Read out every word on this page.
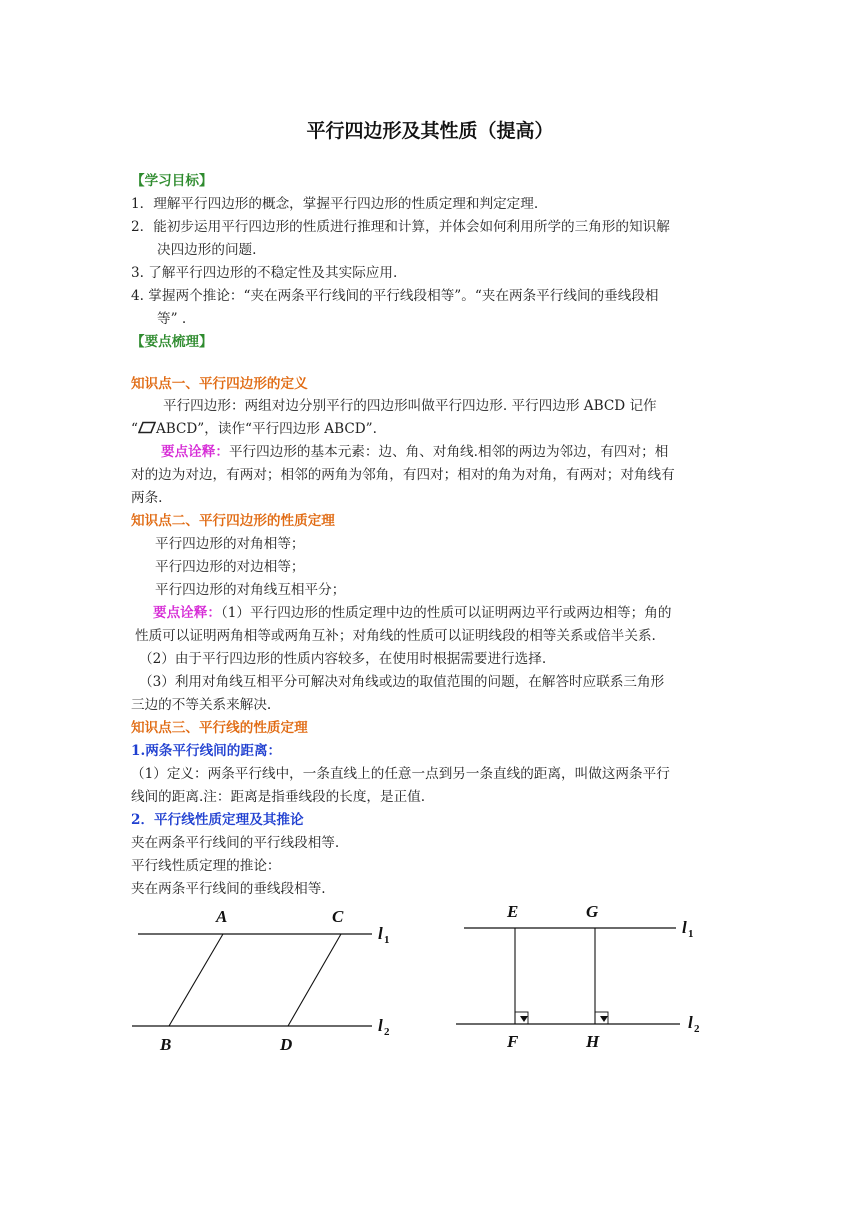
平行四边形及其性质（提高）
【学习目标】
1．理解平行四边形的概念，掌握平行四边形的性质定理和判定定理.
2．能初步运用平行四边形的性质进行推理和计算，并体会如何利用所学的三角形的知识解
决四边形的问题.
3. 了解平行四边形的不稳定性及其实际应用.
4. 掌握两个推论：“夹在两条平行线间的平行线段相等”。“夹在两条平行线间的垂线段相
等” .
【要点梳理】
知识点一、平行四边形的定义
平行四边形：两组对边分别平行的四边形叫做平行四边形. 平行四边形 ABCD 记作
“ ABCD”，读作“平行四边形 ABCD”.
要点诠释：平行四边形的基本元素：边、角、对角线.相邻的两边为邻边，有四对；相
对的边为对边，有两对；相邻的两角为邻角，有四对；相对的角为对角，有两对；对角线有
两条.
知识点二、平行四边形的性质定理
平行四边形的对角相等；
平行四边形的对边相等；
平行四边形的对角线互相平分；
要点诠释：（1）平行四边形的性质定理中边的性质可以证明两边平行或两边相等；角的
性质可以证明两角相等或两角互补；对角线的性质可以证明线段的相等关系或倍半关系.
（2）由于平行四边形的性质内容较多，在使用时根据需要进行选择.
（3）利用对角线互相平分可解决对角线或边的取值范围的问题，在解答时应联系三角形
三边的不等关系来解决.
知识点三、平行线的性质定理
1.两条平行线间的距离：
（1）定义：两条平行线中，一条直线上的任意一点到另一条直线的距离，叫做这两条平行
线间的距离.注：距离是指垂线段的长度，是正值.
2．平行线性质定理及其推论
夹在两条平行线间的平行线段相等.
平行线性质定理的推论：
夹在两条平行线间的垂线段相等.
A	C
B	D
l 1
l 2
E	G
F	H
l 1
l 2
